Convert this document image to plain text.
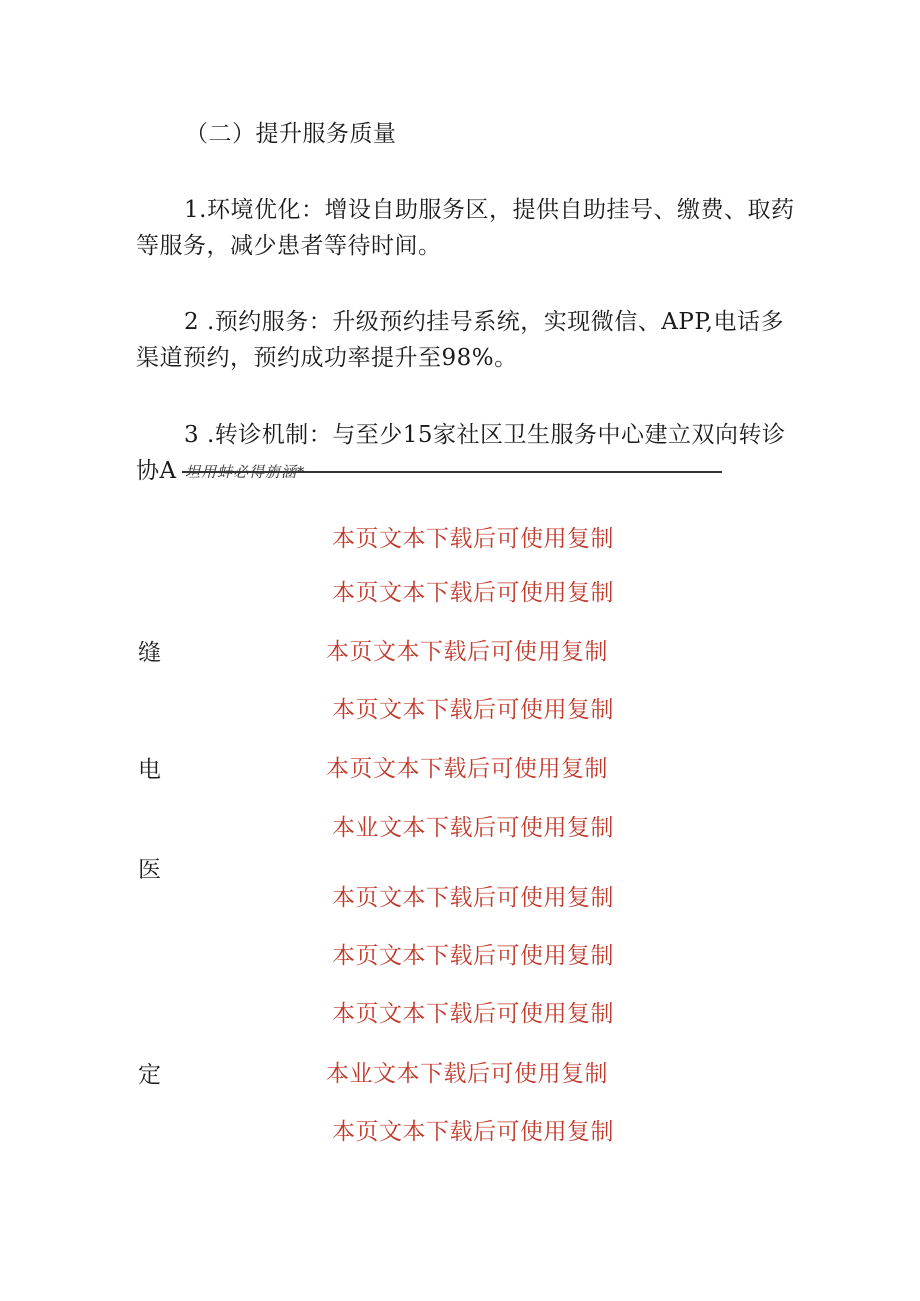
（二）提升服务质量
1.环境优化：增设自助服务区，提供自助挂号、缴费、取药
等服务，减少患者等待时间。
2 .预约服务：升级预约挂号系统，实现微信、APP,电话多
渠道预约，预约成功率提升至98%。
3 .转诊机制：与至少15家社区卫生服务中心建立双向转诊
协A 坦用蚌必得旃涵*
本页文本下载后可使用复制
本页文本下载后可使用复制
本页文本下载后可使用复制
本页文本下载后可使用复制
本页文本下载后可使用复制
本业文本下载后可使用复制
本页文本下载后可使用复制
本页文本下载后可使用复制
本页文本下载后可使用复制
本业文本下载后可使用复制
本页文本下载后可使用复制
缝
电
医
定
